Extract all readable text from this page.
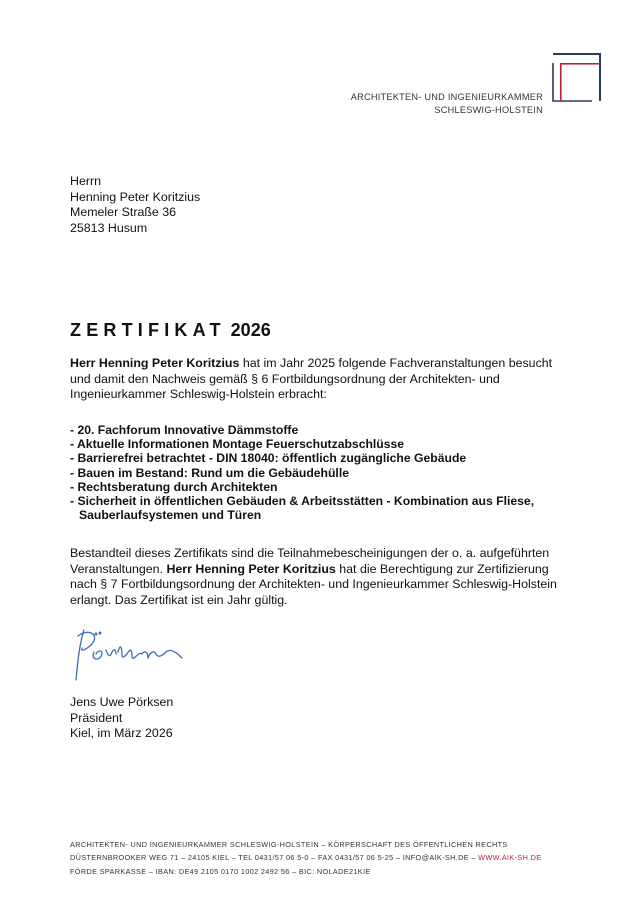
ARCHITEKTEN- UND INGENIEURKAMMER
SCHLESWIG-HOLSTEIN
Herrn
Henning Peter Koritzius
Memeler Straße 36
25813 Husum
ZERTIFIKAT 2026
Herr Henning Peter Koritzius hat im Jahr 2025 folgende Fachveranstaltungen besucht und damit den Nachweis gemäß § 6 Fortbildungsordnung der Architekten- und Ingenieurkammer Schleswig-Holstein erbracht:
- 20. Fachforum Innovative Dämmstoffe
- Aktuelle Informationen Montage Feuerschutzabschlüsse
- Barrierefrei betrachtet - DIN 18040: öffentlich zugängliche Gebäude
- Bauen im Bestand: Rund um die Gebäudehülle
- Rechtsberatung durch Architekten
- Sicherheit in öffentlichen Gebäuden & Arbeitsstätten - Kombination aus Fliese, Sauberlaufsystemen und Türen
Bestandteil dieses Zertifikats sind die Teilnahmebescheinigungen der o. a. aufgeführten Veranstaltungen. Herr Henning Peter Koritzius hat die Berechtigung zur Zertifizierung nach § 7 Fortbildungsordnung der Architekten- und Ingenieurkammer Schleswig-Holstein erlangt. Das Zertifikat ist ein Jahr gültig.
Jens Uwe Pörksen
Präsident
Kiel, im März 2026
ARCHITEKTEN- UND INGENIEURKAMMER SCHLESWIG-HOLSTEIN – KÖRPERSCHAFT DES ÖFFENTLICHEN RECHTS
DÜSTERNBROOKER WEG 71 – 24105 KIEL – TEL 0431/57 06 5-0 – FAX 0431/57 06 5-25 – INFO@AIK-SH.DE – WWW.AIK-SH.DE
FÖRDE SPARKASSE – IBAN: DE49 2105 0170 1002 2492 56 – BIC: NOLADE21KIE
